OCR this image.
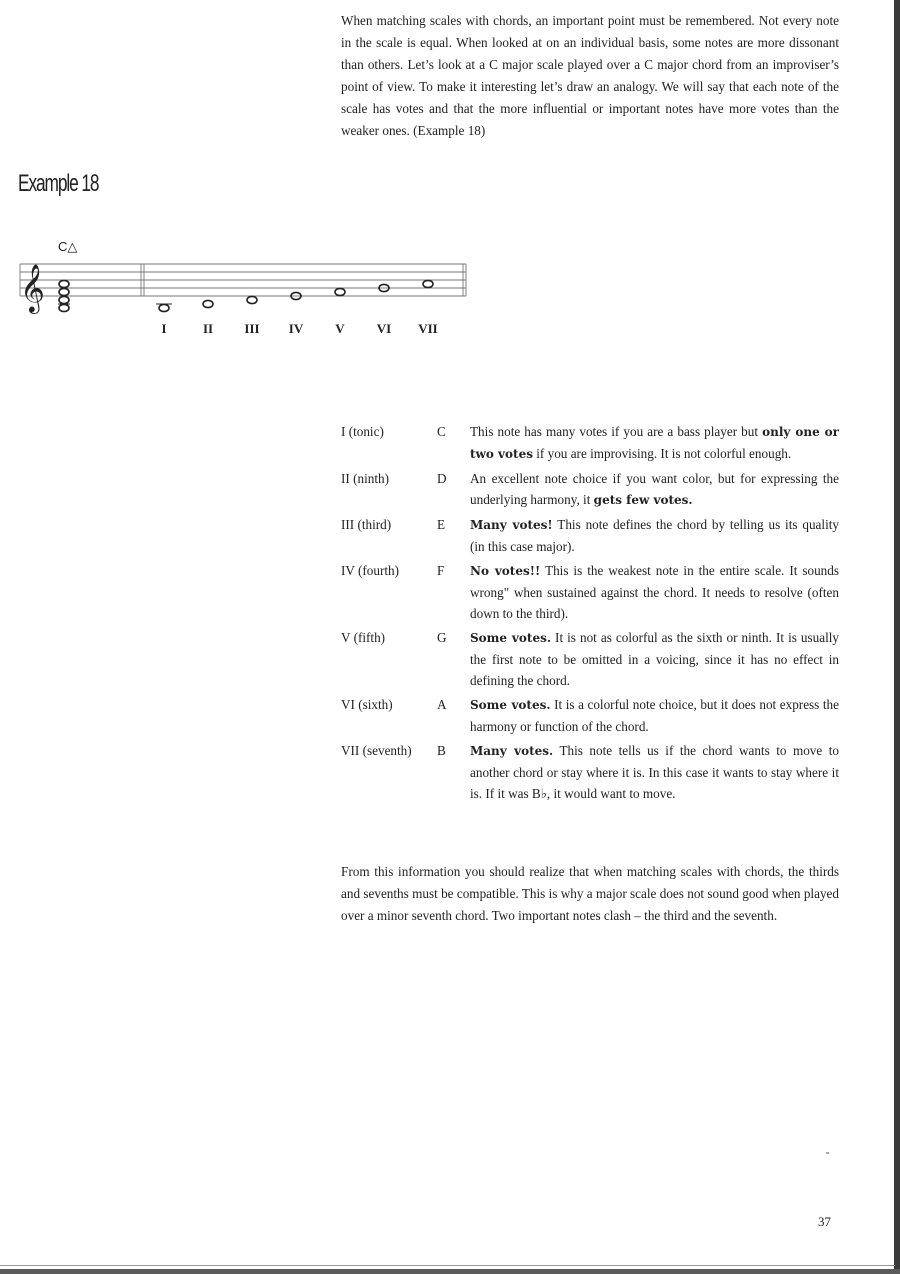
When matching scales with chords, an important point must be remembered. Not every note in the scale is equal. When looked at on an individual basis, some notes are more dissonant than others. Let’s look at a C major scale played over a C major chord from an improviser’s point of view. To make it interesting let’s draw an analogy. We will say that each note of the scale has votes and that the more influential or important notes have more votes than the weaker ones. (Example 18)

Example 18
C△
𝄞
I	II III IV V VI VII
I (tonic)	C	This note has many votes if you are a bass player but only one or two votes if you are improvising. It is not colorful enough.
II (ninth)	D	An excellent note choice if you want color, but for expressing the underlying harmony, it gets few votes.
III (third)	E	Many votes! This note defines the chord by telling us its quality (in this case major).
IV (fourth)	F	No votes!! This is the weakest note in the entire scale. It sounds wrong" when sustained against the chord. It needs to resolve (often down to the third).
V (fifth)	G	Some votes. It is not as colorful as the sixth or ninth. It is usually the first note to be omitted in a voicing, since it has no effect in defining the chord.
VI (sixth)	A	Some votes. It is a colorful note choice, but it does not express the harmony or function of the chord.
VII (seventh)	B	Many votes. This note tells us if the chord wants to move to another chord or stay where it is. In this case it wants to stay where it is. If it was B♭, it would want to move.

From this information you should realize that when matching scales with chords, the thirds and sevenths must be compatible. This is why a major scale does not sound good when played over a minor seventh chord. Two important notes clash – the third and the seventh.

37
